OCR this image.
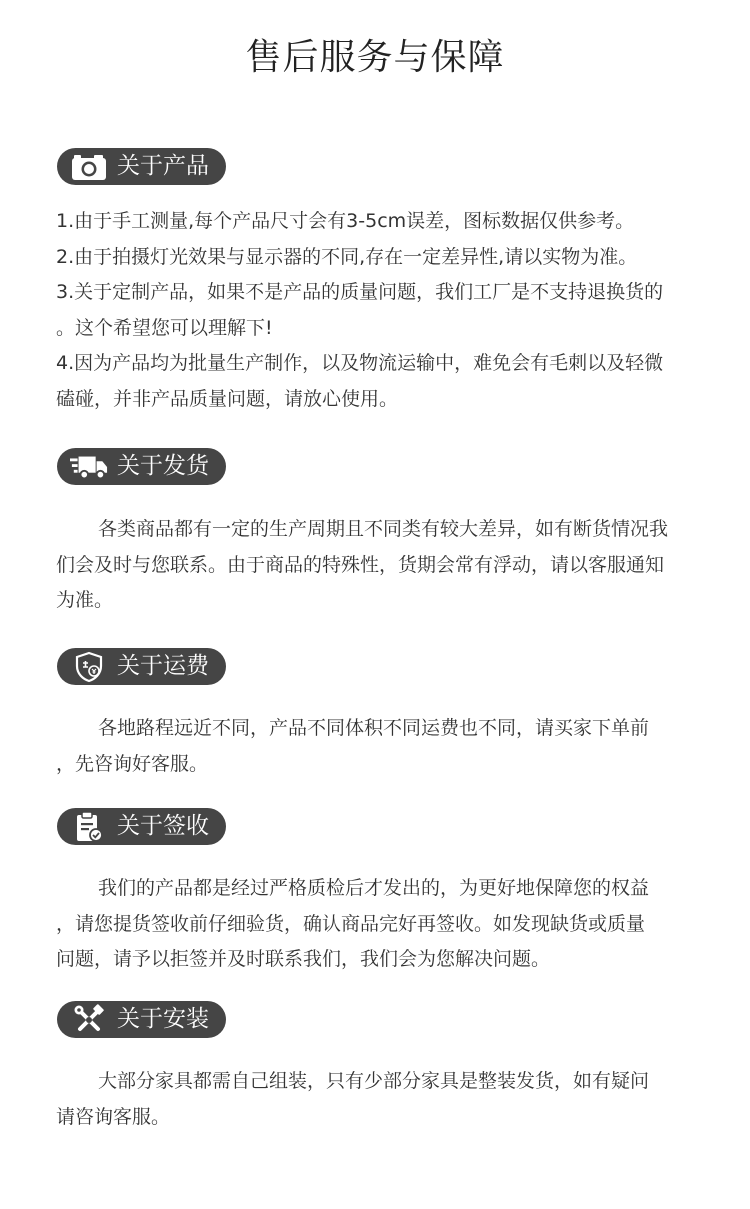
售后服务与保障
关于产品
1.由于手工测量,每个产品尺寸会有3-5cm误差，图标数据仅供参考。
2.由于拍摄灯光效果与显示器的不同,存在一定差异性,请以实物为准。
3.关于定制产品，如果不是产品的质量问题，我们工厂是不支持退换货的
。这个希望您可以理解下!
4.因为产品均为批量生产制作，以及物流运输中，难免会有毛刺以及轻微
磕碰，并非产品质量问题，请放心使用。
关于发货
各类商品都有一定的生产周期且不同类有较大差异，如有断货情况我
们会及时与您联系。由于商品的特殊性，货期会常有浮动，请以客服通知
为准。
关于运费
各地路程远近不同，产品不同体积不同运费也不同，请买家下单前
，先咨询好客服。
关于签收
我们的产品都是经过严格质检后才发出的，为更好地保障您的权益
，请您提货签收前仔细验货，确认商品完好再签收。如发现缺货或质量
问题，请予以拒签并及时联系我们，我们会为您解决问题。
关于安装
大部分家具都需自己组装，只有少部分家具是整装发货，如有疑问
请咨询客服。
